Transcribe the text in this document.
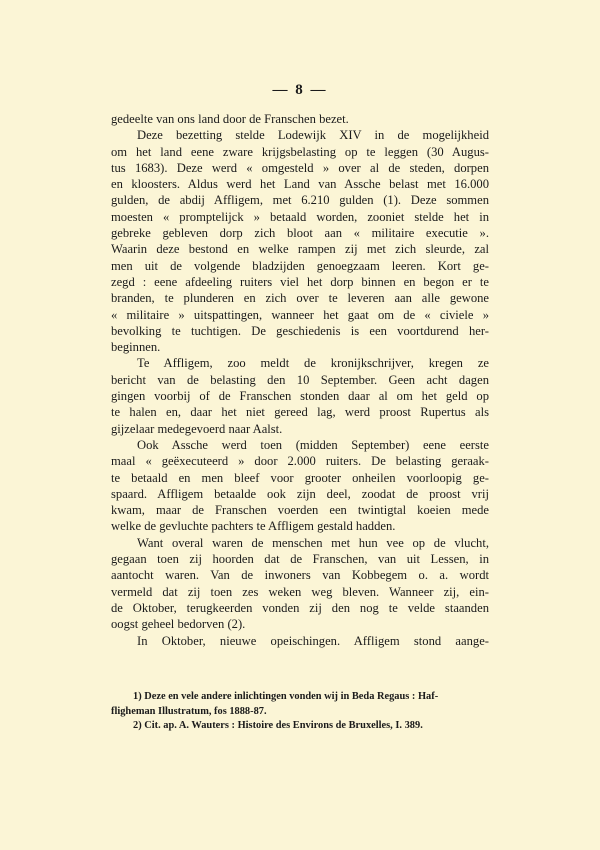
— 8 —
gedeelte van ons land door de Franschen bezet.
Deze bezetting stelde Lodewijk XIV in de mogelijkheid
om het land eene zware krijgsbelasting op te leggen (30 Augus-
tus 1683). Deze werd « omgesteld » over al de steden, dorpen
en kloosters. Aldus werd het Land van Assche belast met 16.000
gulden, de abdij Affligem, met 6.210 gulden (1). Deze sommen
moesten « promptelijck » betaald worden, zooniet stelde het in
gebreke gebleven dorp zich bloot aan « militaire executie ».
Waarin deze bestond en welke rampen zij met zich sleurde, zal
men uit de volgende bladzijden genoegzaam leeren. Kort ge-
zegd : eene afdeeling ruiters viel het dorp binnen en begon er te
branden, te plunderen en zich over te leveren aan alle gewone
« militaire » uitspattingen, wanneer het gaat om de « civiele »
bevolking te tuchtigen. De geschiedenis is een voortdurend her-
beginnen.
Te Affligem, zoo meldt de kronijkschrijver, kregen ze
bericht van de belasting den 10 September. Geen acht dagen
gingen voorbij of de Franschen stonden daar al om het geld op
te halen en, daar het niet gereed lag, werd proost Rupertus als
gijzelaar medegevoerd naar Aalst.
Ook Assche werd toen (midden September) eene eerste
maal « geëxecuteerd » door 2.000 ruiters. De belasting geraak-
te betaald en men bleef voor grooter onheilen voorloopig ge-
spaard. Affligem betaalde ook zijn deel, zoodat de proost vrij
kwam, maar de Franschen voerden een twintigtal koeien mede
welke de gevluchte pachters te Affligem gestald hadden.
Want overal waren de menschen met hun vee op de vlucht,
gegaan toen zij hoorden dat de Franschen, van uit Lessen, in
aantocht waren. Van de inwoners van Kobbegem o. a. wordt
vermeld dat zij toen zes weken weg bleven. Wanneer zij, ein-
de Oktober, terugkeerden vonden zij den nog te velde staanden
oogst geheel bedorven (2).
In Oktober, nieuwe opeischingen. Affligem stond aange-
1) Deze en vele andere inlichtingen vonden wij in Beda Regaus : Haf-
fligheman Illustratum, fos 1888-87.
2) Cit. ap. A. Wauters : Histoire des Environs de Bruxelles, I. 389.
